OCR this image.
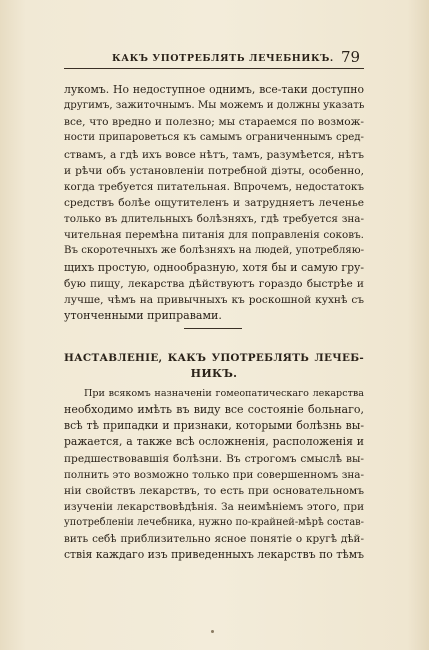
КАКЪ УПОТРЕБЛЯТЬ ЛЕЧЕБНИКЪ. 79
лукомъ. Но недоступное однимъ, все-таки доступно
другимъ, зажиточнымъ. Мы можемъ и должны указать
все, что вредно и полезно; мы стараемся по возмож-
ности припароветься къ самымъ ограниченнымъ сред-
ствамъ, а гдѣ ихъ вовсе нѣтъ, тамъ, разумѣется, нѣтъ
и рѣчи объ установленіи потребной діэты, особенно,
когда требуется питательная. Впрочемъ, недостатокъ
средствъ болѣе ощутителенъ и затрудняетъ леченье
только въ длительныхъ болѣзняхъ, гдѣ требуется зна-
чительная перемѣна питанія для поправленія соковъ.
Въ скоротечныхъ же болѣзняхъ на людей, употребляю-
щихъ простую, однообразную, хотя бы и самую гру-
бую пищу, лекарства дѣйствуютъ гораздо быстрѣе и
лучше, чѣмъ на привычныхъ къ роскошной кухнѣ съ
утонченными приправами.
НАСТАВЛЕНІЕ, КАКЪ УПОТРЕБЛЯТЬ ЛЕЧЕБ-
НИКЪ.
При всякомъ назначеніи гомеопатическаго лекарства
необходимо имѣть въ виду все состояніе больнаго,
всѣ тѣ припадки и признаки, которыми болѣзнь вы-
ражается, а также всѣ осложненія, расположенія и
предшествовавшія болѣзни. Въ строгомъ смыслѣ вы-
полнить это возможно только при совершенномъ зна-
ніи свойствъ лекарствъ, то есть при основательномъ
изученіи лекарствовѣдѣнія. За неимѣніемъ этого, при
употребленіи лечебника, нужно по-крайней-мѣрѣ состав-
вить себѣ приблизительно ясное понятіе о кругѣ дѣй-
ствія каждаго изъ приведенныхъ лекарствъ по тѣмъ
